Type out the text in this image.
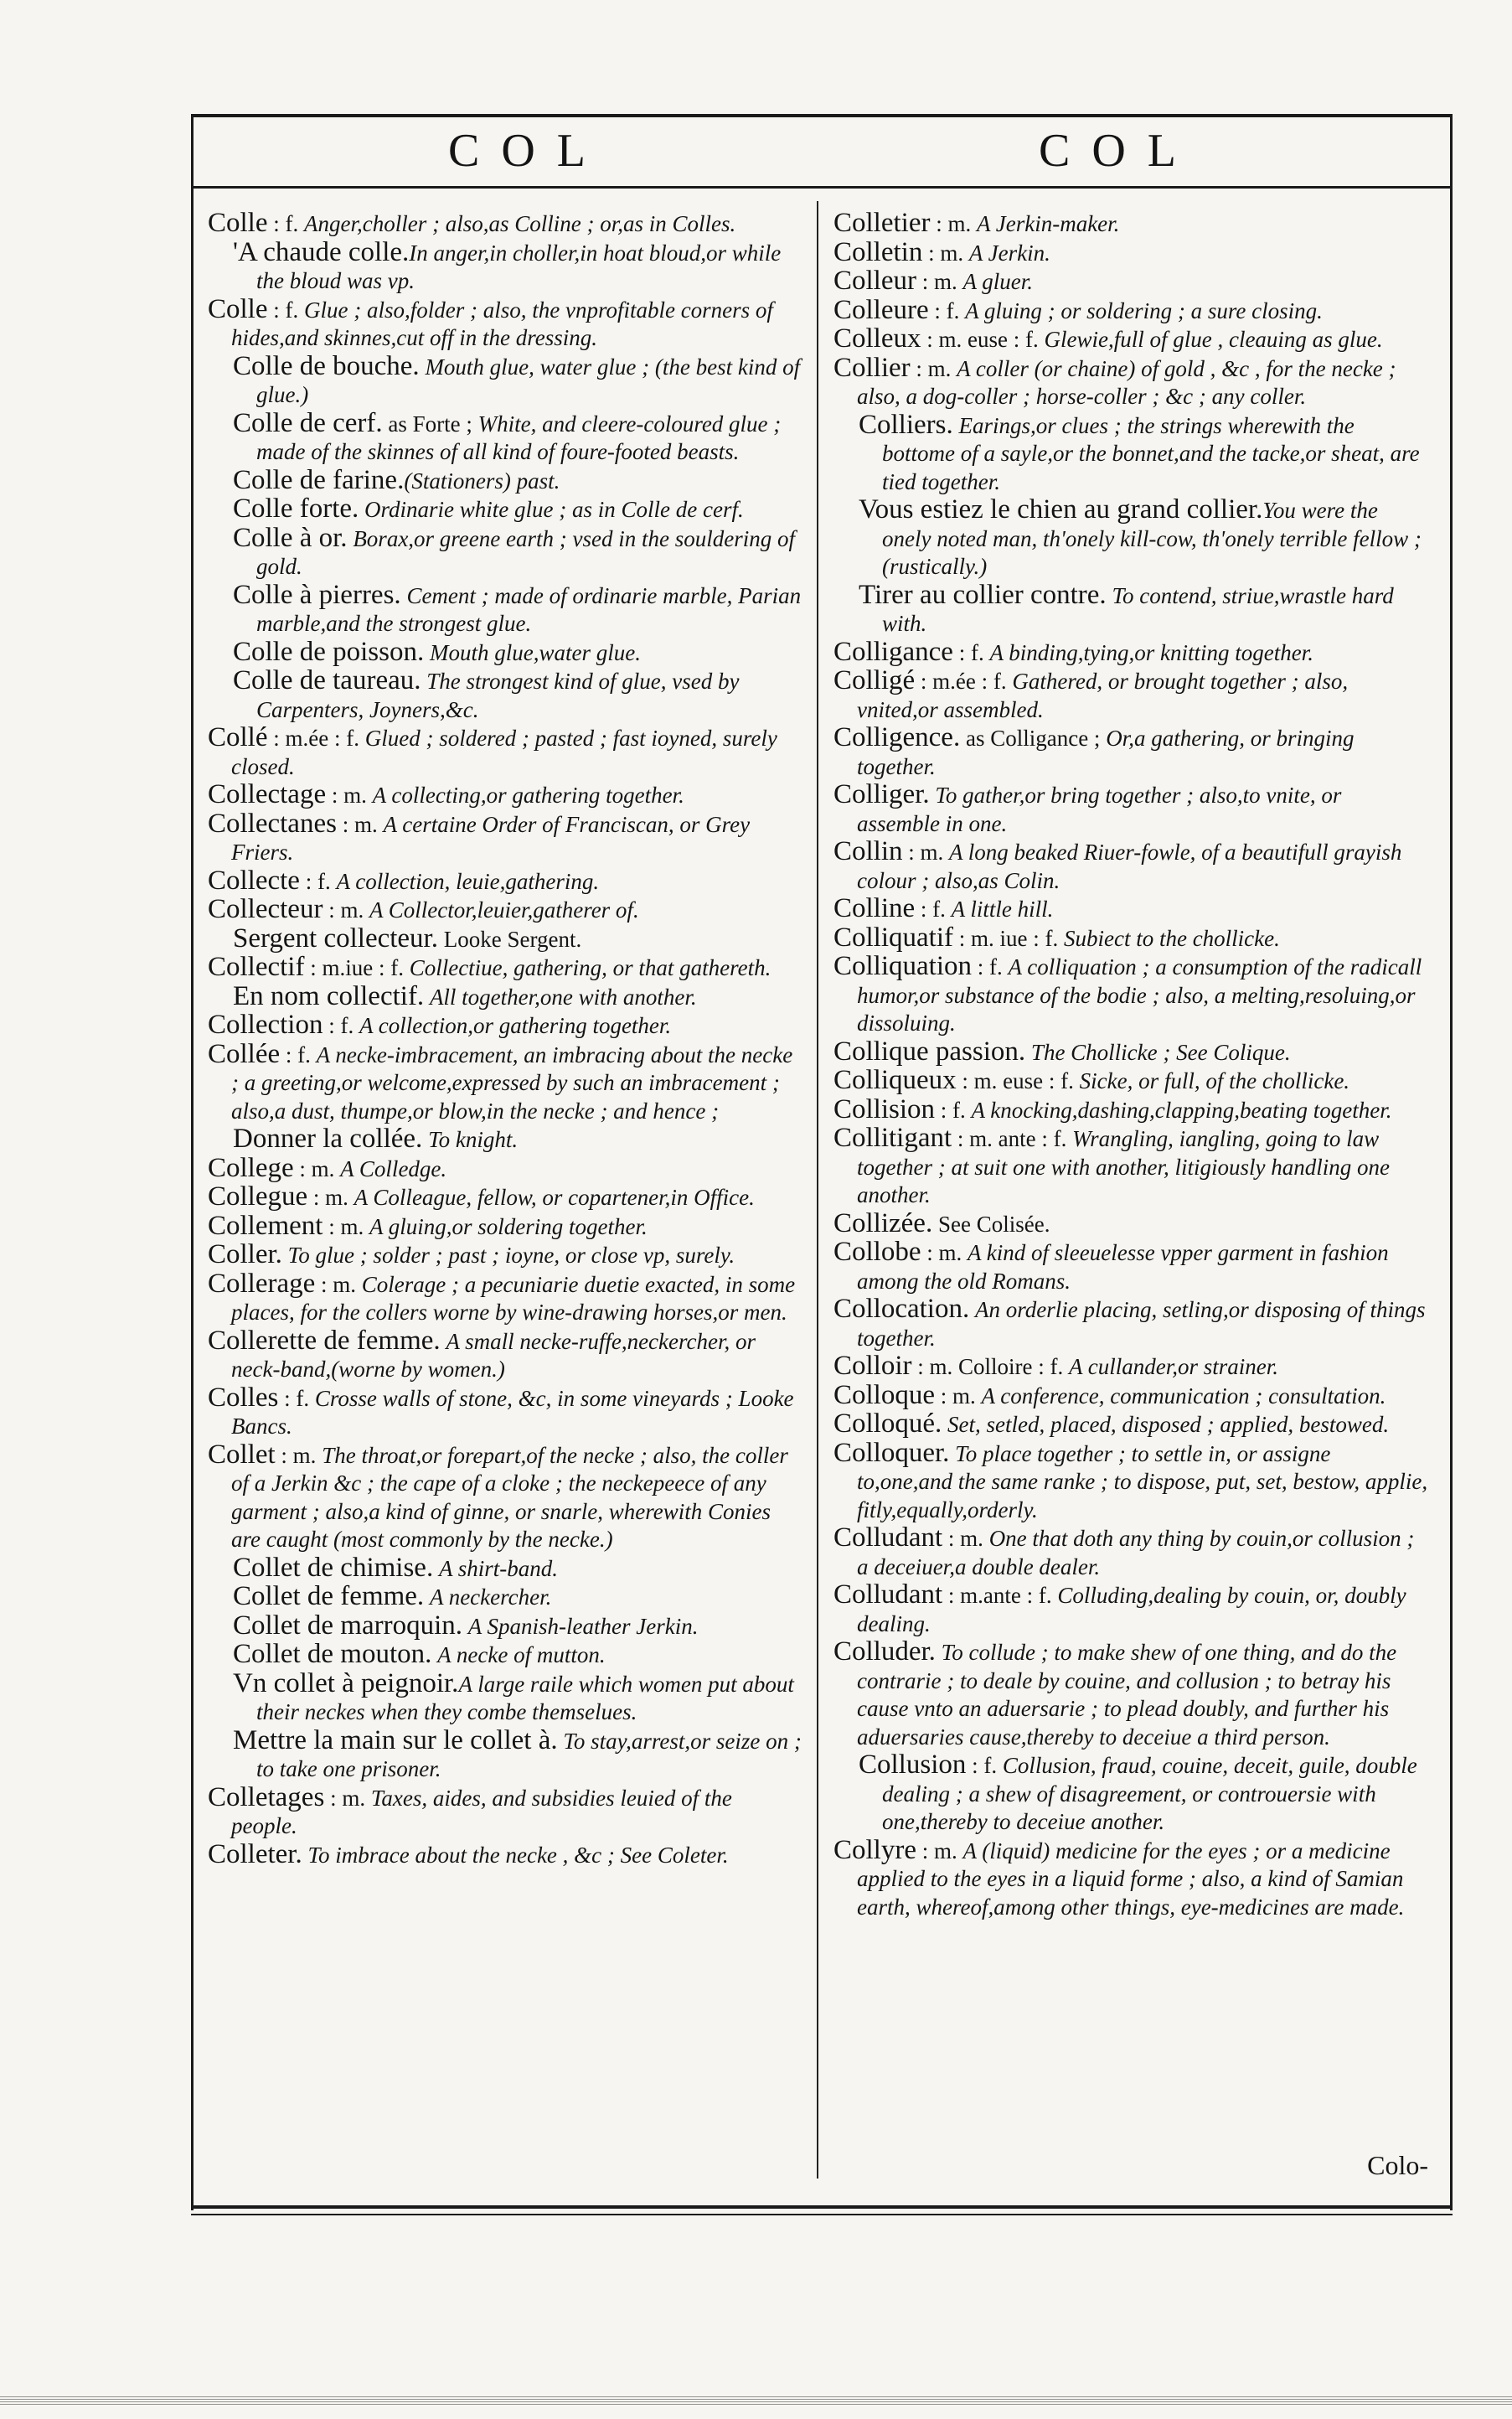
COL	COL

Colle : f. Anger,choller ; also,as Colline ; or,as in Colles.

'A chaude colle.In anger,in choller,in hoat bloud,or while the bloud was vp.

Colle : f. Glue ; also,folder ; also, the vnprofitable corners of hides,and skinnes,cut off in the dressing.

Colle de bouche. Mouth glue, water glue ; (the best kind of glue.)

Colle de cerf. as Forte ; White, and cleere-coloured glue ; made of the skinnes of all kind of foure-footed beasts.

Colle de farine.(Stationers) past.

Colle forte. Ordinarie white glue ; as in Colle de cerf.

Colle à or. Borax,or greene earth ; vsed in the souldering of gold.

Colle à pierres. Cement ; made of ordinarie marble, Parian marble,and the strongest glue.

Colle de poisson. Mouth glue,water glue.

Colle de taureau. The strongest kind of glue, vsed by Carpenters, Joyners,&c.

Collé : m.ée : f. Glued ; soldered ; pasted ; fast ioyned, surely closed.

Collectage : m. A collecting,or gathering together.

Collectanes : m. A certaine Order of Franciscan, or Grey Friers.

Collecte : f. A collection, leuie,gathering.

Collecteur : m. A Collector,leuier,gatherer of.

Sergent collecteur. Looke Sergent.

Collectif : m.iue : f. Collectiue, gathering, or that gathereth.

En nom collectif. All together,one with another.

Collection : f. A collection,or gathering together.

Collée : f. A necke-imbracement, an imbracing about the necke ; a greeting,or welcome,expressed by such an imbracement ; also,a dust, thumpe,or blow,in the necke ; and hence ;

Donner la collée. To knight.

College : m. A Colledge.

Collegue : m. A Colleague, fellow, or copartener,in Office.

Collement : m. A gluing,or soldering together.

Coller. To glue ; solder ; past ; ioyne, or close vp, surely.

Collerage : m. Colerage ; a pecuniarie duetie exacted, in some places, for the collers worne by wine-drawing horses,or men.

Collerette de femme. A small necke-ruffe,neckercher, or neck-band,(worne by women.)

Colles : f. Crosse walls of stone, &c, in some vineyards ; Looke Bancs.

Collet : m. The throat,or forepart,of the necke ; also, the coller of a Jerkin &c ; the cape of a cloke ; the neckepeece of any garment ; also,a kind of ginne, or snarle, wherewith Conies are caught (most commonly by the necke.)

Collet de chimise. A shirt-band.

Collet de femme. A neckercher.

Collet de marroquin. A Spanish-leather Jerkin.

Collet de mouton. A necke of mutton.

Vn collet à peignoir.A large raile which women put about their neckes when they combe themselues.

Mettre la main sur le collet à. To stay,arrest,or seize on ; to take one prisoner.

Colletages : m. Taxes, aides, and subsidies leuied of the people.

Colleter. To imbrace about the necke , &c ; See Coleter.

Colletier : m. A Jerkin-maker.

Colletin : m. A Jerkin.

Colleur : m. A gluer.

Colleure : f. A gluing ; or soldering ; a sure closing.

Colleux : m. euse : f. Glewie,full of glue , cleauing as glue.

Collier : m. A coller (or chaine) of gold , &c , for the necke ; also, a dog-coller ; horse-coller ; &c ; any coller.

Colliers. Earings,or clues ; the strings wherewith the bottome of a sayle,or the bonnet,and the tacke,or sheat, are tied together.

Vous estiez le chien au grand collier.You were the onely noted man, th'onely kill-cow, th'onely terrible fellow ; (rustically.)

Tirer au collier contre. To contend, striue,wrastle hard with.

Colligance : f. A binding,tying,or knitting together.

Colligé : m.ée : f. Gathered, or brought together ; also, vnited,or assembled.

Colligence. as Colligance ; Or,a gathering, or bringing together.

Colliger. To gather,or bring together ; also,to vnite, or assemble in one.

Collin : m. A long beaked Riuer-fowle, of a beautifull grayish colour ; also,as Colin.

Colline : f. A little hill.

Colliquatif : m. iue : f. Subiect to the chollicke.

Colliquation : f. A colliquation ; a consumption of the radicall humor,or substance of the bodie ; also, a melting,resoluing,or dissoluing.

Collique passion. The Chollicke ; See Colique.

Colliqueux : m. euse : f. Sicke, or full, of the chollicke.

Collision : f. A knocking,dashing,clapping,beating together.

Collitigant : m. ante : f. Wrangling, iangling, going to law together ; at suit one with another, litigiously handling one another.

Collizée. See Colisée.

Collobe : m. A kind of sleeuelesse vpper garment in fashion among the old Romans.

Collocation. An orderlie placing, setling,or disposing of things together.

Colloir : m. Colloire : f. A cullander,or strainer.

Colloque : m. A conference, communication ; consultation.

Colloqué. Set, setled, placed, disposed ; applied, bestowed.

Colloquer. To place together ; to settle in, or assigne to,one,and the same ranke ; to dispose, put, set, bestow, applie, fitly,equally,orderly.

Colludant : m. One that doth any thing by couin,or collusion ; a deceiuer,a double dealer.

Colludant : m.ante : f. Colluding,dealing by couin, or, doubly dealing.

Colluder. To collude ; to make shew of one thing, and do the contrarie ; to deale by couine, and collusion ; to betray his cause vnto an aduersarie ; to plead doubly, and further his aduersaries cause,thereby to deceiue a third person.

Collusion : f. Collusion, fraud, couine, deceit, guile, double dealing ; a shew of disagreement, or controuersie with one,thereby to deceiue another.

Collyre : m. A (liquid) medicine for the eyes ; or a medicine applied to the eyes in a liquid forme ; also, a kind of Samian earth, whereof,among other things, eye-medicines are made.

Colo-
